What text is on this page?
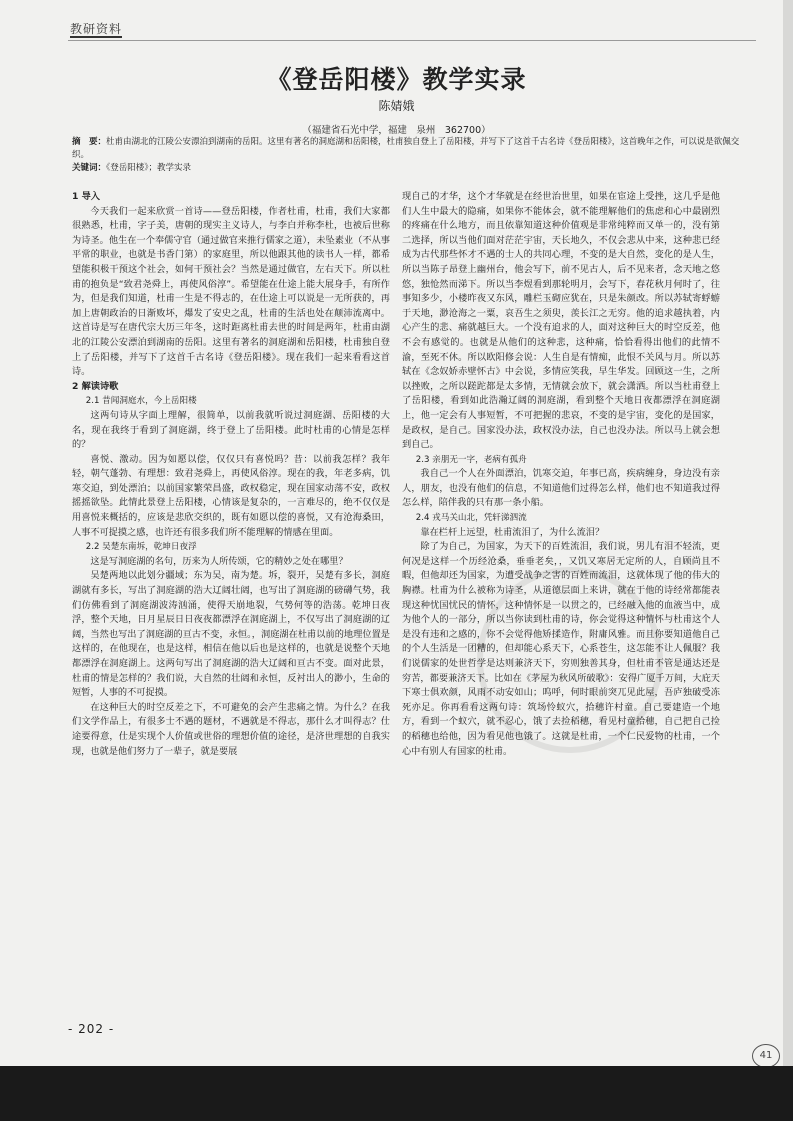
教研资料
《登岳阳楼》教学实录
陈婧娥
（福建省石光中学，福建　泉州　362700）
摘　要：杜甫由湖北的江陵公安漂泊到湖南的岳阳。这里有著名的洞庭湖和岳阳楼，杜甫独自登上了岳阳楼，并写下了这首千古名诗《登岳阳楼》，这首晚年之作，可以说是欲佩交织。
关键词：《登岳阳楼》；教学实录

1 导入

今天我们一起来欣赏一首诗——登岳阳楼，作者杜甫，杜甫，我们大家都很熟悉，杜甫，字子美，唐朝的现实主义诗人，与李白并称李杜，也被后世称为诗圣。他生在一个奉儒守官（通过做官来推行儒家之道），未坠素业（不从事平常的职业，也就是书香门第）的家庭里，所以他跟其他的读书人一样，都希望能积极干预这个社会，如何干预社会？当然是通过做官，左右天下。所以杜甫的抱负是“致君尧舜上，再使风俗淳”。希望能在仕途上能大展身手，有所作为，但是我们知道，杜甫一生是不得志的，在仕途上可以说是一无所获的，再加上唐朝政治的日渐败坏，爆发了安史之乱，杜甫的生活也处在颠沛流离中。这首诗是写在唐代宗大历三年冬，这时距离杜甫去世的时间是两年，杜甫由湖北的江陵公安漂泊到湖南的岳阳。这里有著名的洞庭湖和岳阳楼，杜甫独自登上了岳阳楼，并写下了这首千古名诗《登岳阳楼》。现在我们一起来看看这首诗。

2 解读诗歌

2.1 昔闻洞庭水，今上岳阳楼

这两句诗从字面上理解，很简单，以前我就听说过洞庭湖、岳阳楼的大名，现在我终于看到了洞庭湖，终于登上了岳阳楼。此时杜甫的心情是怎样的？

喜悦、激动。因为如愿以偿，仅仅只有喜悦吗？昔：以前我怎样？我年轻，朝气蓬勃、有理想：致君尧舜上，再使风俗淳。现在的我，年老多病，饥寒交迫，到处漂泊；以前国家繁荣昌盛，政权稳定，现在国家动荡不安，政权摇摇欲坠。此情此景登上岳阳楼，心情该是复杂的，一言难尽的，绝不仅仅是用喜悦来概括的，应该是悲欣交织的，既有如愿以偿的喜悦，又有沧海桑田，人事不可捉摸之感，也许还有很多我们所不能理解的情感在里面。

2.2 吴楚东南坼，乾坤日夜浮

这是写洞庭湖的名句，历来为人所传颂，它的精妙之处在哪里？

吴楚两地以此划分疆域；东为吴，南为楚。坼，裂开，吴楚有多长，洞庭湖就有多长，写出了洞庭湖的浩大辽阔壮阔，也写出了洞庭湖的磅礴气势，我们仿佛看到了洞庭湖波涛汹涌，使得天崩地裂，气势何等的浩荡。乾坤日夜浮，整个天地，日月星辰日日夜夜都漂浮在洞庭湖上，不仅写出了洞庭湖的辽阔，当然也写出了洞庭湖的亘古不变，永恒。，洞庭湖在杜甫以前的地理位置是这样的，在他现在，也是这样，相信在他以后也是这样的，也就是说整个天地都漂浮在洞庭湖上。这两句写出了洞庭湖的浩大辽阔和亘古不变。面对此景，杜甫的情是怎样的？我们说，大自然的壮阔和永恒，反衬出人的渺小，生命的短暂，人事的不可捉摸。

在这种巨大的时空反差之下，不可避免的会产生悲痛之情。为什么？在我们文学作品上，有很多士不遇的题材，不遇就是不得志，那什么才叫得志？仕途要得意，仕是实现个人价值或世俗的理想价值的途径，是济世理想的自我实现，也就是他们努力了一辈子，就是要展

现自己的才华，这个才华就是在经世治世里，如果在宦途上受挫，这几乎是他们人生中最大的隐痛，如果你不能体会，就不能理解他们的焦虑和心中最剧烈的疼痛在什么地方，而且依靠知道这种价值观是非常纯粹而又单一的，没有第二选择，所以当他们面对茫茫宇宙，天长地久，不仅会悲从中来，这种悲已经成为古代那些怀才不遇的士人的共同心理，不变的是大自然，变化的是人生，所以当陈子昂登上幽州台，他会写下，前不见古人，后不见来者，念天地之悠悠，独怆然而涕下。所以当李煜看到那轮明月，会写下，春花秋月何时了，往事知多少，小楼昨夜又东风，雕栏玉砌应犹在，只是朱颜改。所以苏轼寄蜉蝣于天地，渺沧海之一粟，哀吾生之须臾，羡长江之无穷。他的追求越执着，内心产生的悲、痛就越巨大。一个没有追求的人，面对这种巨大的时空反差，他不会有感觉的。也就是从他们的这种悲，这种痛，恰恰看得出他们的此情不渝，至死不休。所以欧阳修会说：人生自是有情痴，此恨不关风与月。所以苏轼在《念奴娇赤壁怀古》中会说，多情应笑我，早生华发。回顾这一生，之所以挫败，之所以蹉跎都是太多情，无情就会放下，就会潇洒。所以当杜甫登上了岳阳楼，看到如此浩瀚辽阔的洞庭湖，看到整个天地日夜都漂浮在洞庭湖上，他一定会有人事短暂，不可把握的悲哀，不变的是宇宙，变化的是国家，是政权，是自己。国家没办法，政权没办法，自己也没办法。所以马上就会想到自己。

2.3 亲朋无一字，老病有孤舟

我自己一个人在外面漂泊，饥寒交迫，年事已高，疾病缠身，身边没有亲人，朋友，也没有他们的信息，不知道他们过得怎么样，他们也不知道我过得怎么样，陪伴我的只有那一条小船。

2.4 戎马关山北，凭轩涕泗流

靠在栏杆上远望，杜甫流泪了，为什么流泪？

除了为自己，为国家，为天下的百姓流泪，我们说，男儿有泪不轻流，更何况是这样一个历经沧桑，垂垂老矣，，又饥又寒居无定所的人，自顾尚且不暇，但他却还为国家，为遭受战争之害的百姓而流泪，这就体现了他的伟大的胸襟。杜甫为什么被称为诗圣，从道德层面上来讲，就在于他的诗经常都能表现这种忧国忧民的情怀，这种情怀是一以贯之的，已经融入他的血液当中，成为他个人的一部分，所以当你读到杜甫的诗，你会觉得这种情怀与杜甫这个人是没有违和之感的，你不会觉得他矫揉造作，附庸风雅。而且你要知道他自己的个人生活是一团糟的，但却能心系天下，心系苍生，这怎能不让人佩服？我们说儒家的处世哲学是达则兼济天下，穷则独善其身，但杜甫不管是通达还是穷苦，都要兼济天下。比如在《茅屋为秋风所破歌》：安得广厦千万间，大庇天下寒士俱欢颜，风雨不动安如山；呜呼，何时眼前突兀见此屋，吾庐独破受冻死亦足。你再看看这两句诗：筑场怜蚁穴，拾穗许村童。自己要建造一个地方，看到一个蚁穴，就不忍心，饿了去捡稻穗，看见村童拾穗，自己把自己捡的稻穗也给他，因为看见他也饿了。这就是杜甫，一个仁民爱物的杜甫，一个心中有别人有国家的杜甫。

- 202 -
41
